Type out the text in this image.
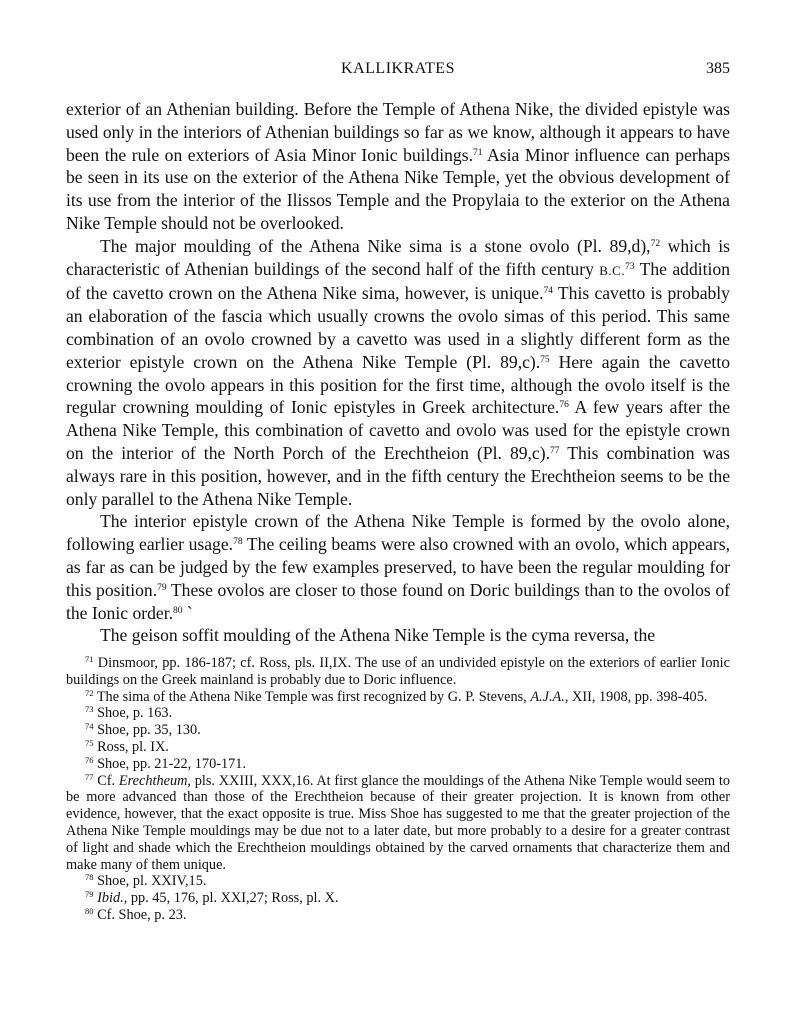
KALLIKRATES	385

exterior of an Athenian building. Before the Temple of Athena Nike, the divided epistyle was used only in the interiors of Athenian buildings so far as we know, although it appears to have been the rule on exteriors of Asia Minor Ionic buildings.$^{71}$ Asia Minor influence can perhaps be seen in its use on the exterior of the Athena Nike Temple, yet the obvious development of its use from the interior of the Ilissos Temple and the Propylaia to the exterior on the Athena Nike Temple should not be overlooked.

The major moulding of the Athena Nike sima is a stone ovolo (Pl. 89,d),$^{72}$ which is characteristic of Athenian buildings of the second half of the fifth century B.C.$^{73}$ The addition of the cavetto crown on the Athena Nike sima, however, is unique.$^{74}$ This cavetto is probably an elaboration of the fascia which usually crowns the ovolo simas of this period. This same combination of an ovolo crowned by a cavetto was used in a slightly different form as the exterior epistyle crown on the Athena Nike Temple (Pl. 89,c).$^{75}$ Here again the cavetto crowning the ovolo appears in this position for the first time, although the ovolo itself is the regular crowning moulding of Ionic epistyles in Greek architecture.$^{76}$ A few years after the Athena Nike Temple, this combination of cavetto and ovolo was used for the epistyle crown on the interior of the North Porch of the Erechtheion (Pl. 89,c).$^{77}$ This combination was always rare in this position, however, and in the fifth century the Erechtheion seems to be the only parallel to the Athena Nike Temple.

The interior epistyle crown of the Athena Nike Temple is formed by the ovolo alone, following earlier usage.$^{78}$ The ceiling beams were also crowned with an ovolo, which appears, as far as can be judged by the few examples preserved, to have been the regular moulding for this position.$^{79}$ These ovolos are closer to those found on Doric buildings than to the ovolos of the Ionic order.$^{80}$ `

The geison soffit moulding of the Athena Nike Temple is the cyma reversa, the

$^{71}$ Dinsmoor, pp. 186-187; cf. Ross, pls. II,IX. The use of an undivided epistyle on the exteriors of earlier Ionic buildings on the Greek mainland is probably due to Doric influence.

$^{72}$ The sima of the Athena Nike Temple was first recognized by G. P. Stevens, A.J.A., XII, 1908, pp. 398-405.

$^{73}$ Shoe, p. 163.

$^{74}$ Shoe, pp. 35, 130.

$^{75}$ Ross, pl. IX.

$^{76}$ Shoe, pp. 21-22, 170-171.

$^{77}$ Cf. Erechtheum, pls. XXIII, XXX,16. At first glance the mouldings of the Athena Nike Temple would seem to be more advanced than those of the Erechtheion because of their greater projection. It is known from other evidence, however, that the exact opposite is true. Miss Shoe has suggested to me that the greater projection of the Athena Nike Temple mouldings may be due not to a later date, but more probably to a desire for a greater contrast of light and shade which the Erechtheion mouldings obtained by the carved ornaments that characterize them and make many of them unique.

$^{78}$ Shoe, pl. XXIV,15.

$^{79}$ Ibid., pp. 45, 176, pl. XXI,27; Ross, pl. X.

$^{80}$ Cf. Shoe, p. 23.
